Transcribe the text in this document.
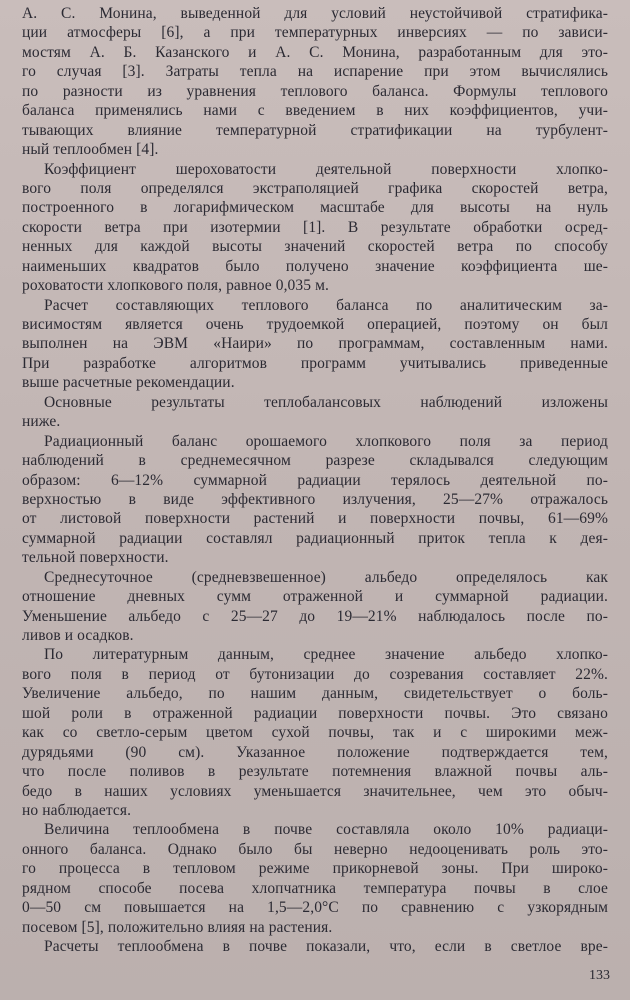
А. С. Монина, выведенной для условий неустойчивой стратифика-
ции атмосферы [6], а при температурных инверсиях — по зависи-
мостям А. Б. Казанского и А. С. Монина, разработанным для это-
го случая [3]. Затраты тепла на испарение при этом вычислялись
по разности из уравнения теплового баланса. Формулы теплового
баланса применялись нами с введением в них коэффициентов, учи-
тывающих влияние температурной стратификации на турбулент-
ный теплообмен [4].
Коэффициент шероховатости деятельной поверхности хлопко-
вого поля определялся экстраполяцией графика скоростей ветра,
построенного в логарифмическом масштабе для высоты на нуль
скорости ветра при изотермии [1]. В результате обработки осред-
ненных для каждой высоты значений скоростей ветра по способу
наименьших квадратов было получено значение коэффициента ше-
роховатости хлопкового поля, равное 0,035 м.
Расчет составляющих теплового баланса по аналитическим за-
висимостям является очень трудоемкой операцией, поэтому он был
выполнен на ЭВМ «Наири» по программам, составленным нами.
При разработке алгоритмов программ учитывались приведенные
выше расчетные рекомендации.
Основные результаты теплобалансовых наблюдений изложены
ниже.
Радиационный баланс орошаемого хлопкового поля за период
наблюдений в среднемесячном разрезе складывался следующим
образом: 6—12% суммарной радиации терялось деятельной по-
верхностью в виде эффективного излучения, 25—27% отражалось
от листовой поверхности растений и поверхности почвы, 61—69%
суммарной радиации составлял радиационный приток тепла к дея-
тельной поверхности.
Среднесуточное (средневзвешенное) альбедо определялось как
отношение дневных сумм отраженной и суммарной радиации.
Уменьшение альбедо с 25—27 до 19—21% наблюдалось после по-
ливов и осадков.
По литературным данным, среднее значение альбедо хлопко-
вого поля в период от бутонизации до созревания составляет 22%.
Увеличение альбедо, по нашим данным, свидетельствует о боль-
шой роли в отраженной радиации поверхности почвы. Это связано
как со светло-серым цветом сухой почвы, так и с широкими меж-
дурядьями (90 см). Указанное положение подтверждается тем,
что после поливов в результате потемнения влажной почвы аль-
бедо в наших условиях уменьшается значительнее, чем это обыч-
но наблюдается.
Величина теплообмена в почве составляла около 10% радиаци-
онного баланса. Однако было бы неверно недооценивать роль это-
го процесса в тепловом режиме прикорневой зоны. При широко-
рядном способе посева хлопчатника температура почвы в слое
0—50 см повышается на 1,5—2,0°С по сравнению с узкорядным
посевом [5], положительно влияя на растения.
Расчеты теплообмена в почве показали, что, если в светлое вре-
133
